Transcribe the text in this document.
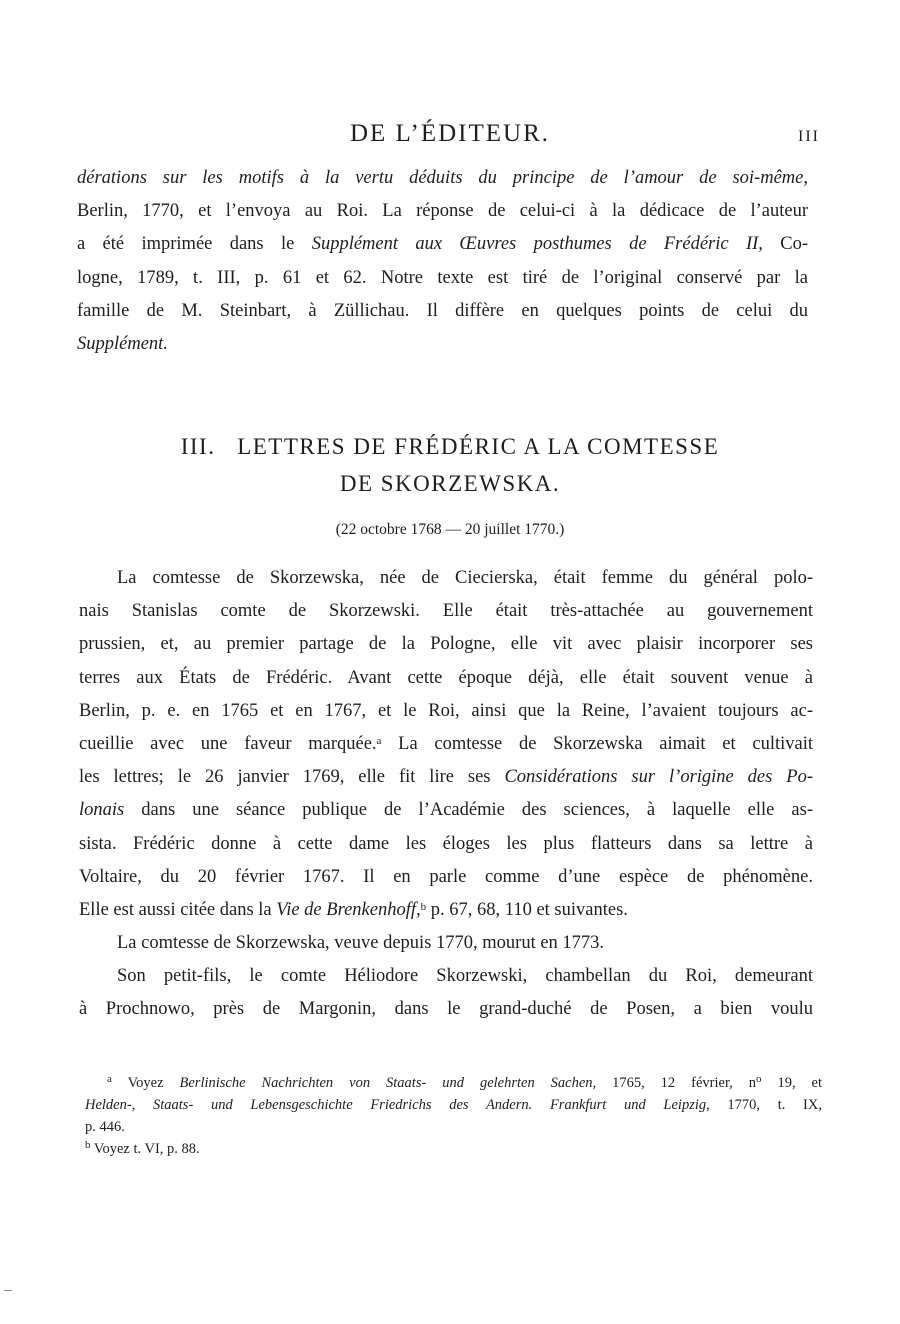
DE L’ÉDITEUR.	III
dérations sur les motifs à la vertu déduits du principe de l’amour de soi-même,
Berlin, 1770, et l’envoya au Roi. La réponse de celui-ci à la dédicace de l’auteur
a été imprimée dans le Supplément aux Œuvres posthumes de Frédéric II, Co-
logne, 1789, t. III, p. 61 et 62. Notre texte est tiré de l’original conservé par la
famille de M. Steinbart, à Züllichau. Il diffère en quelques points de celui du
Supplément.
III.   LETTRES DE FRÉDÉRIC A LA COMTESSE
DE SKORZEWSKA.
(22 octobre 1768 — 20 juillet 1770.)
La comtesse de Skorzewska, née de Ciecierska, était femme du général polo-
nais Stanislas comte de Skorzewski. Elle était très-attachée au gouvernement
prussien, et, au premier partage de la Pologne, elle vit avec plaisir incorporer ses
terres aux États de Frédéric. Avant cette époque déjà, elle était souvent venue à
Berlin, p. e. en 1765 et en 1767, et le Roi, ainsi que la Reine, l’avaient toujours ac-
cueillie avec une faveur marquée.$^a$ La comtesse de Skorzewska aimait et cultivait
les lettres; le 26 janvier 1769, elle fit lire ses Considérations sur l’origine des Po-
lonais dans une séance publique de l’Académie des sciences, à laquelle elle as-
sista. Frédéric donne à cette dame les éloges les plus flatteurs dans sa lettre à
Voltaire, du 20 février 1767. Il en parle comme d’une espèce de phénomène.
Elle est aussi citée dans la Vie de Brenkenhoff,$^b$ p. 67, 68, 110 et suivantes.
La comtesse de Skorzewska, veuve depuis 1770, mourut en 1773.
Son petit-fils, le comte Héliodore Skorzewski, chambellan du Roi, demeurant
à Prochnowo, près de Margonin, dans le grand-duché de Posen, a bien voulu
$^a$ Voyez Berlinische Nachrichten von Staats- und gelehrten Sachen, 1765, 12 février, $n^o$ 19, et
Helden-, Staats- und Lebensgeschichte Friedrichs des Andern. Frankfurt und Leipzig, 1770, t. IX,
p. 446.
$^b$ Voyez t. VI, p. 88.
